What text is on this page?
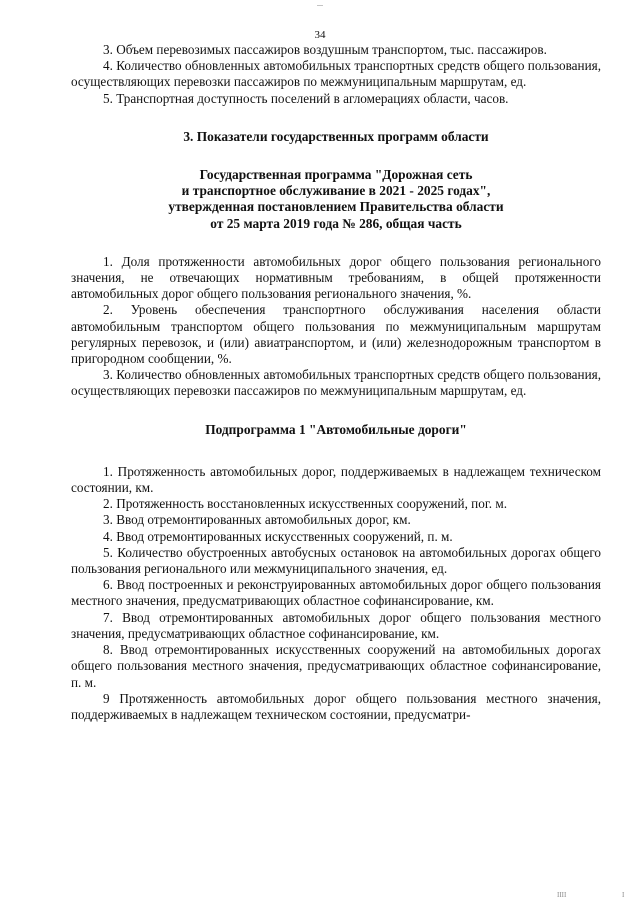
...
34

3. Объем перевозимых пассажиров воздушным транспортом, тыс. пассажиров.

4. Количество обновленных автомобильных транспортных средств общего пользования, осуществляющих перевозки пассажиров по межмуниципальным маршрутам, ед.

5. Транспортная доступность поселений в агломерациях области, часов.

3. Показатели государственных программ области
Государственная программа "Дорожная сеть
и транспортное обслуживание в 2021 - 2025 годах",
утвержденная постановлением Правительства области
от 25 марта 2019 года № 286, общая часть

1. Доля протяженности автомобильных дорог общего пользования регионального значения, не отвечающих нормативным требованиям, в общей протяженности автомобильных дорог общего пользования регионального значения, %.

2. Уровень обеспечения транспортного обслуживания населения области автомобильным транспортом общего пользования по межмуниципальным маршрутам регулярных перевозок, и (или) авиатранспортом, и (или) железнодорожным транспортом в пригородном сообщении, %.

3. Количество обновленных автомобильных транспортных средств общего пользования, осуществляющих перевозки пассажиров по межмуниципальным маршрутам, ед.

Подпрограмма 1 "Автомобильные дороги"

1. Протяженность автомобильных дорог, поддерживаемых в надлежащем техническом состоянии, км.

2. Протяженность восстановленных искусственных сооружений, пог. м.

3. Ввод отремонтированных автомобильных дорог, км.

4. Ввод отремонтированных искусственных сооружений, п. м.

5. Количество обустроенных автобусных остановок на автомобильных дорогах общего пользования регионального или межмуниципального значения, ед.

6. Ввод построенных и реконструированных автомобильных дорог общего пользования местного значения, предусматривающих областное софинансирование, км.

7. Ввод отремонтированных автомобильных дорог общего пользования местного значения, предусматривающих областное софинансирование, км.

8. Ввод отремонтированных искусственных сооружений на автомобильных дорогах общего пользования местного значения, предусматривающих областное софинансирование, п. м.

9 Протяженность автомобильных дорог общего пользования местного значения, поддерживаемых в надлежащем техническом состоянии, предусматри-

IIII	I
